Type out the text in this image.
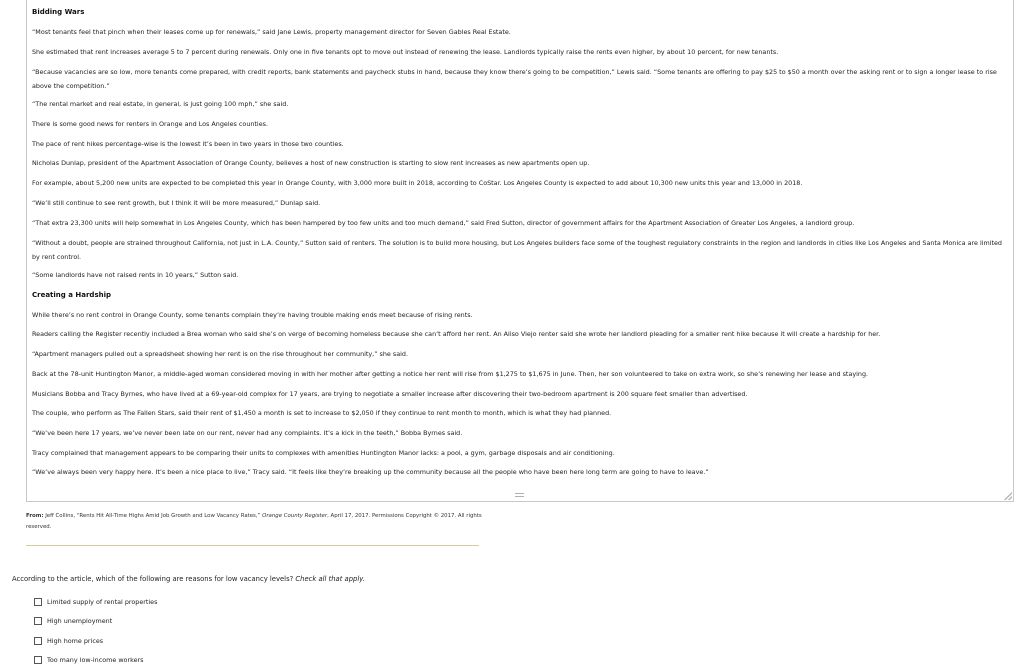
Bidding Wars
“Most tenants feel that pinch when their leases come up for renewals,” said Jane Lewis, property management director for Seven Gables Real Estate.
She estimated that rent increases average 5 to 7 percent during renewals. Only one in five tenants opt to move out instead of renewing the lease. Landlords typically raise the rents even higher, by about 10 percent, for new tenants.
“Because vacancies are so low, more tenants come prepared, with credit reports, bank statements and paycheck stubs in hand, because they know there’s going to be competition,” Lewis said. “Some tenants are offering to pay $25 to $50 a month over the asking rent or to sign a longer lease to rise above the competition.”
“The rental market and real estate, in general, is just going 100 mph,” she said.
There is some good news for renters in Orange and Los Angeles counties.
The pace of rent hikes percentage-wise is the lowest it’s been in two years in those two counties.
Nicholas Dunlap, president of the Apartment Association of Orange County, believes a host of new construction is starting to slow rent increases as new apartments open up.
For example, about 5,200 new units are expected to be completed this year in Orange County, with 3,000 more built in 2018, according to CoStar. Los Angeles County is expected to add about 10,300 new units this year and 13,000 in 2018.
“We’ll still continue to see rent growth, but I think it will be more measured,” Dunlap said.
“That extra 23,300 units will help somewhat in Los Angeles County, which has been hampered by too few units and too much demand,” said Fred Sutton, director of government affairs for the Apartment Association of Greater Los Angeles, a landlord group.
“Without a doubt, people are strained throughout California, not just in L.A. County,” Sutton said of renters. The solution is to build more housing, but Los Angeles builders face some of the toughest regulatory constraints in the region and landlords in cities like Los Angeles and Santa Monica are limited by rent control.
“Some landlords have not raised rents in 10 years,” Sutton said.
Creating a Hardship
While there’s no rent control in Orange County, some tenants complain they’re having trouble making ends meet because of rising rents.
Readers calling the Register recently included a Brea woman who said she’s on verge of becoming homeless because she can’t afford her rent. An Aliso Viejo renter said she wrote her landlord pleading for a smaller rent hike because it will create a hardship for her.
“Apartment managers pulled out a spreadsheet showing her rent is on the rise throughout her community,” she said.
Back at the 78-unit Huntington Manor, a middle-aged woman considered moving in with her mother after getting a notice her rent will rise from $1,275 to $1,675 in June. Then, her son volunteered to take on extra work, so she’s renewing her lease and staying.
Musicians Bobba and Tracy Byrnes, who have lived at a 69-year-old complex for 17 years, are trying to negotiate a smaller increase after discovering their two-bedroom apartment is 200 square feet smaller than advertised.
The couple, who perform as The Fallen Stars, said their rent of $1,450 a month is set to increase to $2,050 if they continue to rent month to month, which is what they had planned.
“We’ve been here 17 years, we’ve never been late on our rent, never had any complaints. It’s a kick in the teeth,” Bobba Byrnes said.
Tracy complained that management appears to be comparing their units to complexes with amenities Huntington Manor lacks: a pool, a gym, garbage disposals and air conditioning.
“We’ve always been very happy here. It’s been a nice place to live,” Tracy said. “It feels like they’re breaking up the community because all the people who have been here long term are going to have to leave.”
From: Jeff Collins, “Rents Hit All-Time Highs Amid Job Growth and Low Vacancy Rates,” Orange County Register, April 17, 2017. Permissions Copyright © 2017. All rights reserved.
According to the article, which of the following are reasons for low vacancy levels? Check all that apply.
Limited supply of rental properties
High unemployment
High home prices
Too many low-income workers
